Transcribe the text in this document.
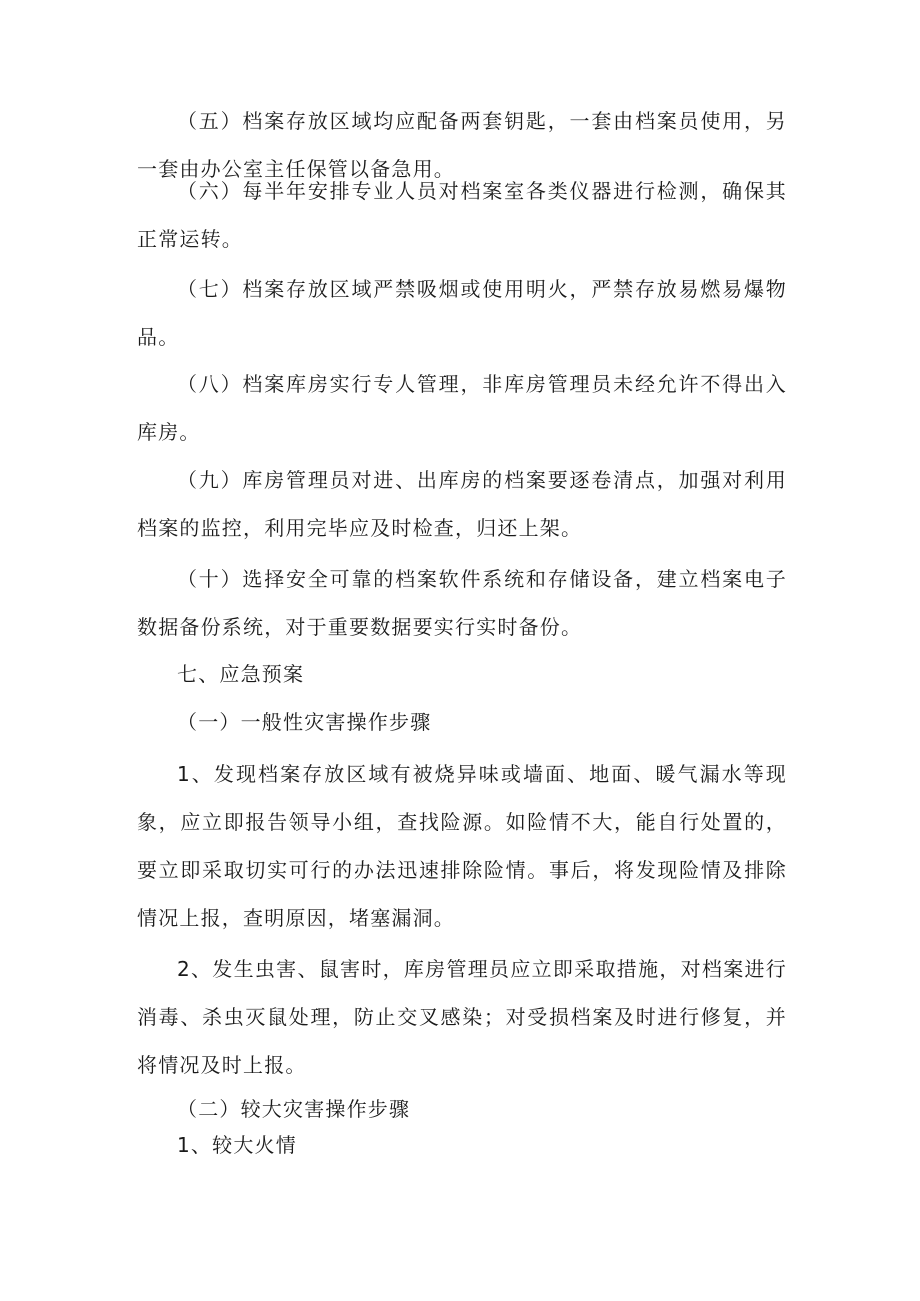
（五）档案存放区域均应配备两套钥匙，一套由档案员使用，另一套由办公室主任保管以备急用。

（六）每半年安排专业人员对档案室各类仪器进行检测，确保其正常运转。

（七）档案存放区域严禁吸烟或使用明火，严禁存放易燃易爆物品。

（八）档案库房实行专人管理，非库房管理员未经允许不得出入库房。

（九）库房管理员对进、出库房的档案要逐卷清点，加强对利用档案的监控，利用完毕应及时检查，归还上架。

（十）选择安全可靠的档案软件系统和存储设备，建立档案电子数据备份系统，对于重要数据要实行实时备份。

七、应急预案

（一）一般性灾害操作步骤

1、发现档案存放区域有被烧异味或墙面、地面、暖气漏水等现象，应立即报告领导小组，查找险源。如险情不大，能自行处置的，要立即采取切实可行的办法迅速排除险情。事后，将发现险情及排除情况上报，查明原因，堵塞漏洞。

2、发生虫害、鼠害时，库房管理员应立即采取措施，对档案进行消毒、杀虫灭鼠处理，防止交叉感染；对受损档案及时进行修复，并将情况及时上报。

（二）较大灾害操作步骤

1、较大火情
